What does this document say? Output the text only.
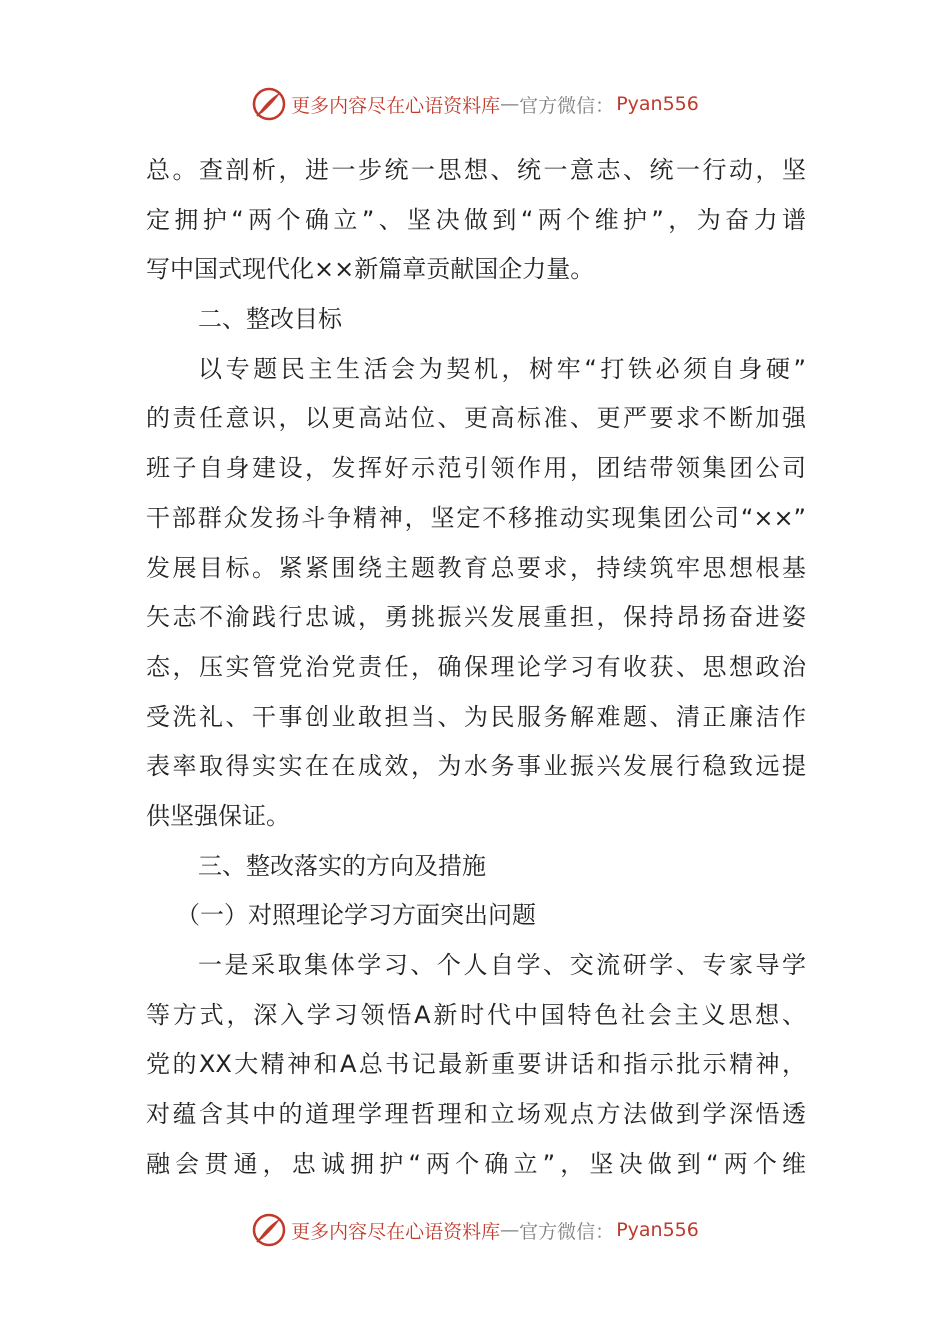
更多内容尽在心语资料库 — 官方微信： Pyan556
总。查剖析，进一步统一思想、统一意志、统一行动，坚
定拥护“两个确立”、坚决做到“两个维护”，为奋力谱
写中国式现代化××新篇章贡献国企力量。
二、整改目标
以专题民主生活会为契机，树牢“打铁必须自身硬”
的责任意识，以更高站位、更高标准、更严要求不断加强
班子自身建设，发挥好示范引领作用，团结带领集团公司
干部群众发扬斗争精神，坚定不移推动实现集团公司“××”
发展目标。紧紧围绕主题教育总要求，持续筑牢思想根基
矢志不渝践行忠诚，勇挑振兴发展重担，保持昂扬奋进姿
态，压实管党治党责任，确保理论学习有收获、思想政治
受洗礼、干事创业敢担当、为民服务解难题、清正廉洁作
表率取得实实在在成效，为水务事业振兴发展行稳致远提
供坚强保证。
三、整改落实的方向及措施
（一）对照理论学习方面突出问题
一是采取集体学习、个人自学、交流研学、专家导学
等方式，深入学习领悟A新时代中国特色社会主义思想、
党的XX大精神和A总书记最新重要讲话和指示批示精神，
对蕴含其中的道理学理哲理和立场观点方法做到学深悟透
融会贯通，忠诚拥护“两个确立”，坚决做到“两个维
更多内容尽在心语资料库 — 官方微信： Pyan556
